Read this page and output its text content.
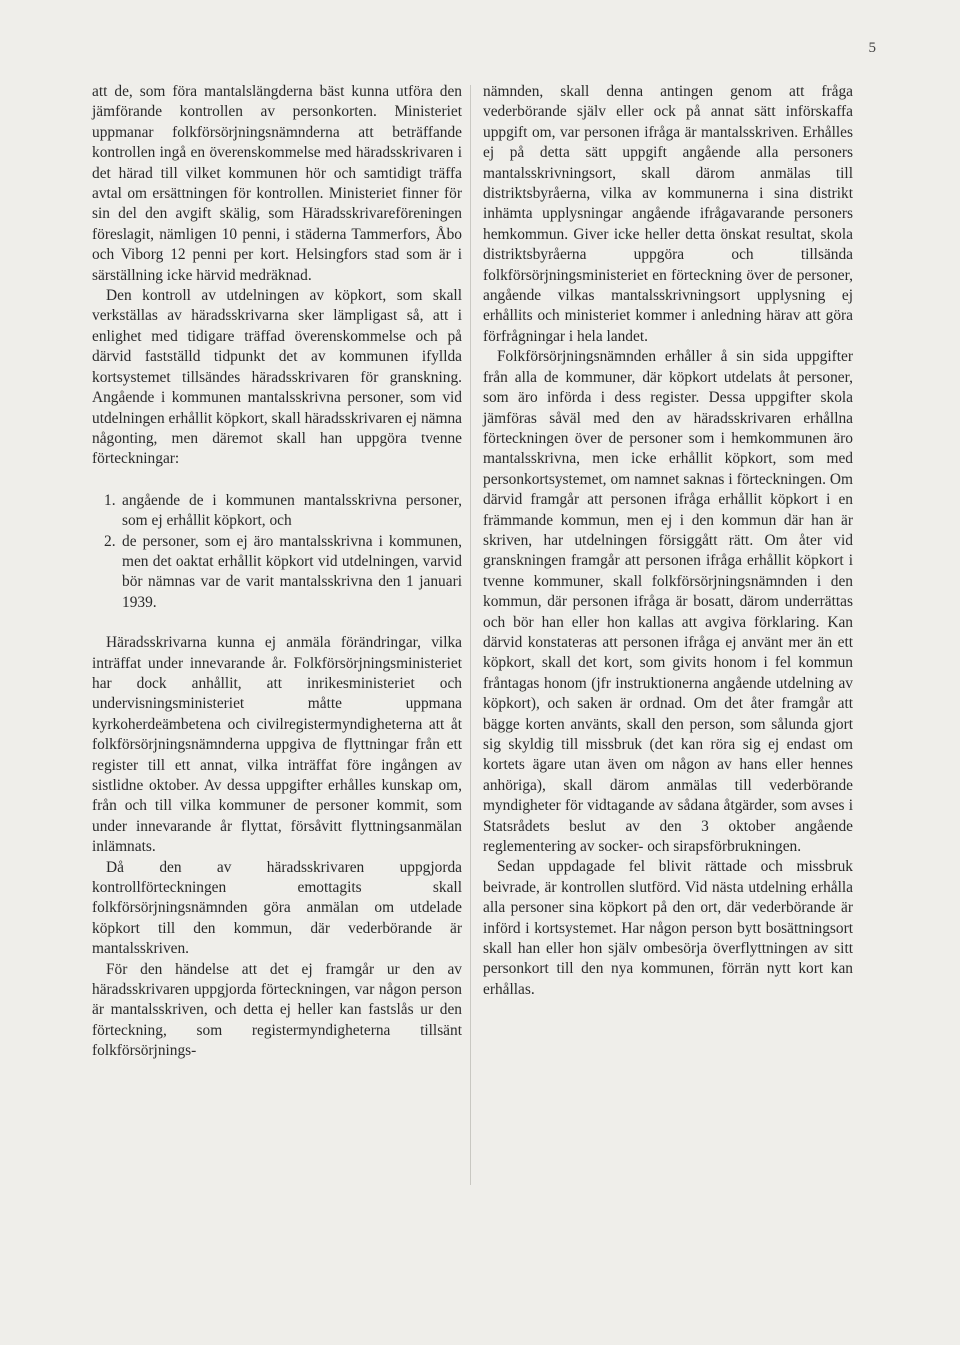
5

att de, som föra mantalslängderna bäst kunna utföra den jämförande kontrollen av personkorten. Ministeriet uppmanar folkförsörjningsnämnderna att beträffande kontrollen ingå en överenskommelse med häradsskrivaren i det härad till vilket kommunen hör och samtidigt träffa avtal om ersättningen för kontrollen. Ministeriet finner för sin del den avgift skälig, som Häradsskrivareföreningen föreslagit, nämligen 10 penni, i städerna Tammerfors, Åbo och Viborg 12 penni per kort. Helsingfors stad som är i särställning icke härvid medräknad.

Den kontroll av utdelningen av köpkort, som skall verkställas av häradsskrivarna sker lämpligast så, att i enlighet med tidigare träffad överenskommelse och på därvid fastställd tidpunkt det av kommunen ifyllda kortsystemet tillsändes häradsskrivaren för granskning. Angående i kommunen mantalsskrivna personer, som vid utdelningen erhållit köpkort, skall häradsskrivaren ej nämna någonting, men däremot skall han uppgöra tvenne förteckningar:

1. angående de i kommunen mantalsskrivna personer, som ej erhållit köpkort, och
2. de personer, som ej äro mantalsskrivna i kommunen, men det oaktat erhållit köpkort vid utdelningen, varvid bör nämnas var de varit mantalsskrivna den 1 januari 1939.

Häradsskrivarna kunna ej anmäla förändringar, vilka inträffat under innevarande år. Folkförsörjningsministeriet har dock anhållit, att inrikesministeriet och undervisningsministeriet måtte uppmana kyrkoherdeämbetena och civilregistermyndigheterna att åt folkförsörjningsnämnderna uppgiva de flyttningar från ett register till ett annat, vilka inträffat före ingången av sistlidne oktober. Av dessa uppgifter erhålles kunskap om, från och till vilka kommuner de personer kommit, som under innevarande år flyttat, försåvitt flyttningsanmälan inlämnats.

Då den av häradsskrivaren uppgjorda kontrollförteckningen emottagits skall folkförsörjningsnämnden göra anmälan om utdelade köpkort till den kommun, där vederbörande är mantalsskriven.

För den händelse att det ej framgår ur den av häradsskrivaren uppgjorda förteckningen, var någon person är mantalsskriven, och detta ej heller kan fastslås ur den förteckning, som registermyndigheterna tillsänt folkförsörjnings-

nämnden, skall denna antingen genom att fråga vederbörande själv eller ock på annat sätt införskaffa uppgift om, var personen ifråga är mantalsskriven. Erhålles ej på detta sätt uppgift angående alla personers mantalsskrivningsort, skall därom anmälas till distriktsbyråerna, vilka av kommunerna i sina distrikt inhämta upplysningar angående ifrågavarande personers hemkommun. Giver icke heller detta önskat resultat, skola distriktsbyråerna uppgöra och tillsända folkförsörjningsministeriet en förteckning över de personer, angående vilkas mantalsskrivningsort upplysning ej erhållits och ministeriet kommer i anledning härav att göra förfrågningar i hela landet.

Folkförsörjningsnämnden erhåller å sin sida uppgifter från alla de kommuner, där köpkort utdelats åt personer, som äro införda i dess register. Dessa uppgifter skola jämföras såväl med den av häradsskrivaren erhållna förteckningen över de personer som i hemkommunen äro mantalsskrivna, men icke erhållit köpkort, som med personkortsystemet, om namnet saknas i förteckningen. Om därvid framgår att personen ifråga erhållit köpkort i en främmande kommun, men ej i den kommun där han är skriven, har utdelningen försiggått rätt. Om åter vid granskningen framgår att personen ifråga erhållit köpkort i tvenne kommuner, skall folkförsörjningsnämnden i den kommun, där personen ifråga är bosatt, därom underrättas och bör han eller hon kallas att avgiva förklaring. Kan därvid konstateras att personen ifråga ej använt mer än ett köpkort, skall det kort, som givits honom i fel kommun fråntagas honom (jfr instruktionerna angående utdelning av köpkort), och saken är ordnad. Om det åter framgår att bägge korten använts, skall den person, som sålunda gjort sig skyldig till missbruk (det kan röra sig ej endast om kortets ägare utan även om någon av hans eller hennes anhöriga), skall därom anmälas till vederbörande myndigheter för vidtagande av sådana åtgärder, som avses i Statsrådets beslut av den 3 oktober angående reglementering av socker- och sirapsförbrukningen.

Sedan uppdagade fel blivit rättade och missbruk beivrade, är kontrollen slutförd. Vid nästa utdelning erhålla alla personer sina köpkort på den ort, där vederbörande är införd i kortsystemet. Har någon person bytt bosättningsort skall han eller hon själv ombesörja överflyttningen av sitt personkort till den nya kommunen, förrän nytt kort kan erhållas.
